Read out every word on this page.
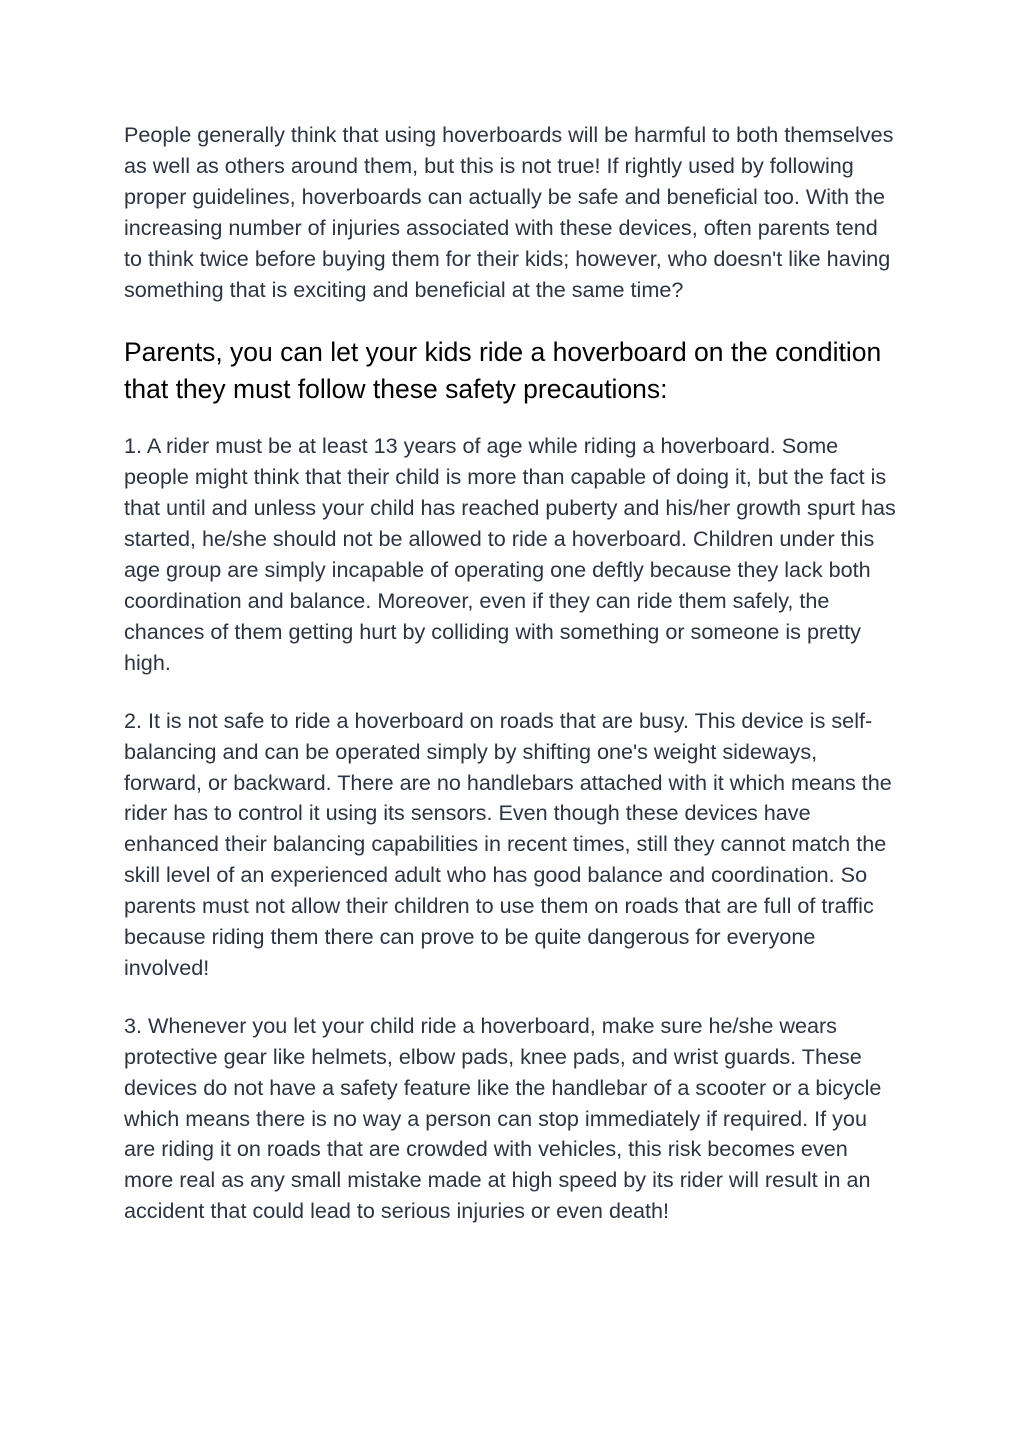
People generally think that using hoverboards will be harmful to both themselves as well as others around them, but this is not true! If rightly used by following proper guidelines, hoverboards can actually be safe and beneficial too. With the increasing number of injuries associated with these devices, often parents tend to think twice before buying them for their kids; however, who doesn't like having something that is exciting and beneficial at the same time?

Parents, you can let your kids ride a hoverboard on the condition that they must follow these safety precautions:

1. A rider must be at least 13 years of age while riding a hoverboard. Some people might think that their child is more than capable of doing it, but the fact is that until and unless your child has reached puberty and his/her growth spurt has started, he/she should not be allowed to ride a hoverboard. Children under this age group are simply incapable of operating one deftly because they lack both coordination and balance. Moreover, even if they can ride them safely, the chances of them getting hurt by colliding with something or someone is pretty high.

2. It is not safe to ride a hoverboard on roads that are busy. This device is self-balancing and can be operated simply by shifting one's weight sideways, forward, or backward. There are no handlebars attached with it which means the rider has to control it using its sensors. Even though these devices have enhanced their balancing capabilities in recent times, still they cannot match the skill level of an experienced adult who has good balance and coordination. So parents must not allow their children to use them on roads that are full of traffic because riding them there can prove to be quite dangerous for everyone involved!

3. Whenever you let your child ride a hoverboard, make sure he/she wears protective gear like helmets, elbow pads, knee pads, and wrist guards. These devices do not have a safety feature like the handlebar of a scooter or a bicycle which means there is no way a person can stop immediately if required. If you are riding it on roads that are crowded with vehicles, this risk becomes even more real as any small mistake made at high speed by its rider will result in an accident that could lead to serious injuries or even death!
